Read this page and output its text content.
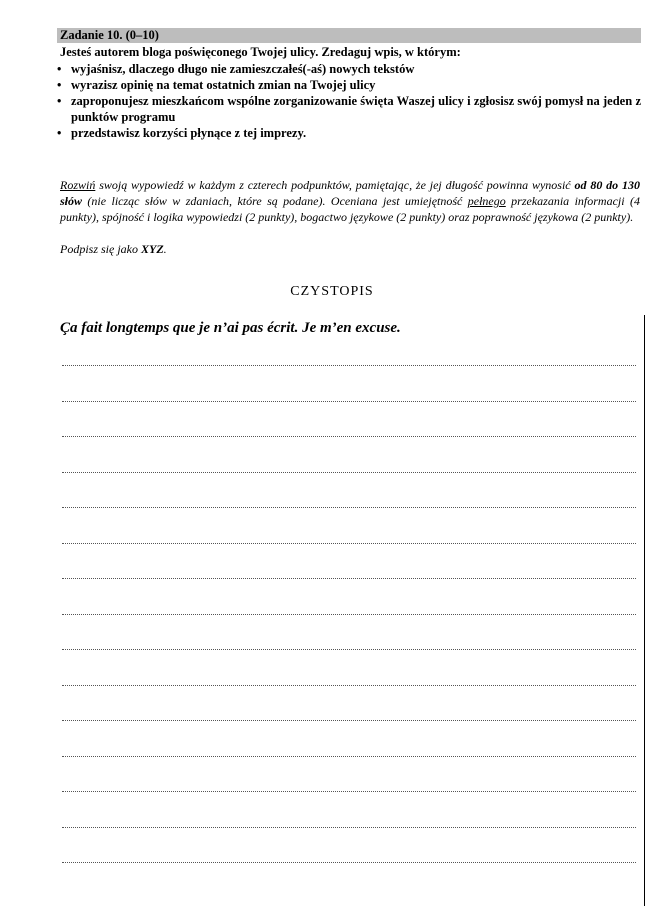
Zadanie 10. (0–10)
Jesteś autorem bloga poświęconego Twojej ulicy. Zredaguj wpis, w którym:
• wyjaśnisz, dlaczego długo nie zamieszczałeś(-aś) nowych tekstów
• wyrazisz opinię na temat ostatnich zmian na Twojej ulicy
• zaproponujesz mieszkańcom wspólne zorganizowanie święta Waszej ulicy i zgłosisz swój pomysł na jeden z punktów programu
• przedstawisz korzyści płynące z tej imprezy.
Rozwiń swoją wypowiedź w każdym z czterech podpunktów, pamiętając, że jej długość powinna wynosić od 80 do 130 słów (nie licząc słów w zdaniach, które są podane). Oceniana jest umiejętność pełnego przekazania informacji (4 punkty), spójność i logika wypowiedzi (2 punkty), bogactwo językowe (2 punkty) oraz poprawność językowa (2 punkty).
Podpisz się jako XYZ.
CZYSTOPIS
Ça fait longtemps que je n’ai pas écrit. Je m’en excuse.
